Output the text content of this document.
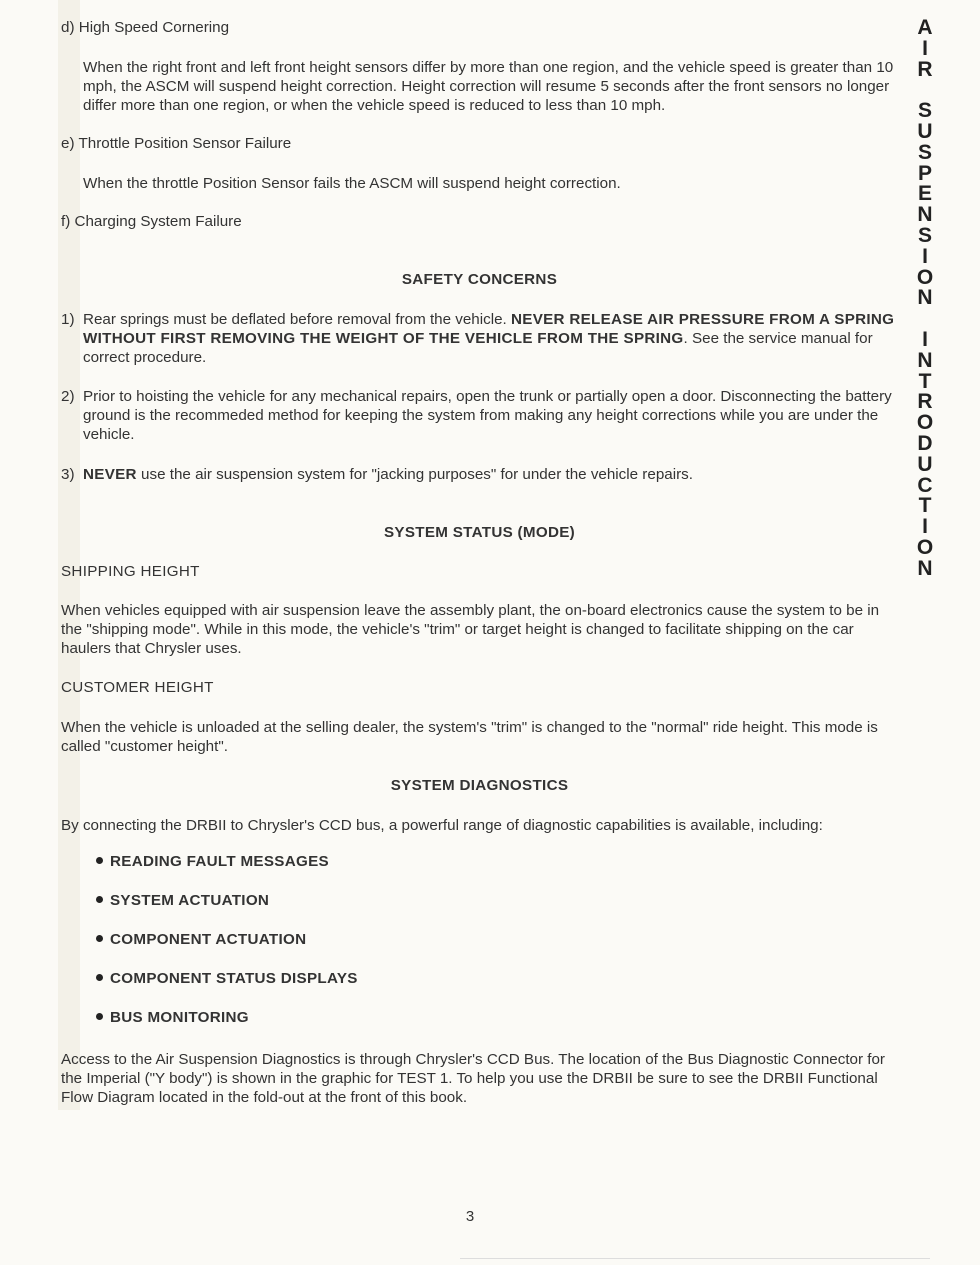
d) High Speed Cornering

When the right front and left front height sensors differ by more than one region, and the vehicle speed is greater than 10 mph, the ASCM will suspend height correction. Height correction will resume 5 seconds after the front sensors no longer differ more than one region, or when the vehicle speed is reduced to less than 10 mph.

e) Throttle Position Sensor Failure

When the throttle Position Sensor fails the ASCM will suspend height correction.

f) Charging System Failure

SAFETY CONCERNS

1) Rear springs must be deflated before removal from the vehicle. NEVER RELEASE AIR PRESSURE FROM A SPRING WITHOUT FIRST REMOVING THE WEIGHT OF THE VEHICLE FROM THE SPRING. See the service manual for correct procedure.
2) Prior to hoisting the vehicle for any mechanical repairs, open the trunk or partially open a door. Disconnecting the battery ground is the recommeded method for keeping the system from making any height corrections while you are under the vehicle.
3) NEVER use the air suspension system for "jacking purposes" for under the vehicle repairs.

SYSTEM STATUS (MODE)

SHIPPING HEIGHT

When vehicles equipped with air suspension leave the assembly plant, the on-board electronics cause the system to be in the "shipping mode". While in this mode, the vehicle's "trim" or target height is changed to facilitate shipping on the car haulers that Chrysler uses.

CUSTOMER HEIGHT

When the vehicle is unloaded at the selling dealer, the system's "trim" is changed to the "normal" ride height. This mode is called "customer height".

SYSTEM DIAGNOSTICS

By connecting the DRBII to Chrysler's CCD bus, a powerful range of diagnostic capabilities is available, including:

READING FAULT MESSAGES
SYSTEM ACTUATION
COMPONENT ACTUATION
COMPONENT STATUS DISPLAYS
BUS MONITORING

Access to the Air Suspension Diagnostics is through Chrysler's CCD Bus. The location of the Bus Diagnostic Connector for the Imperial ("Y body") is shown in the graphic for TEST 1. To help you use the DRBII be sure to see the DRBII Functional Flow Diagram located in the fold-out at the front of this book.

A
I
R
S
U
S
P
E
N
S
I
O
N
I
N
T
R
O
D
U
C
T
I
O
N
3
